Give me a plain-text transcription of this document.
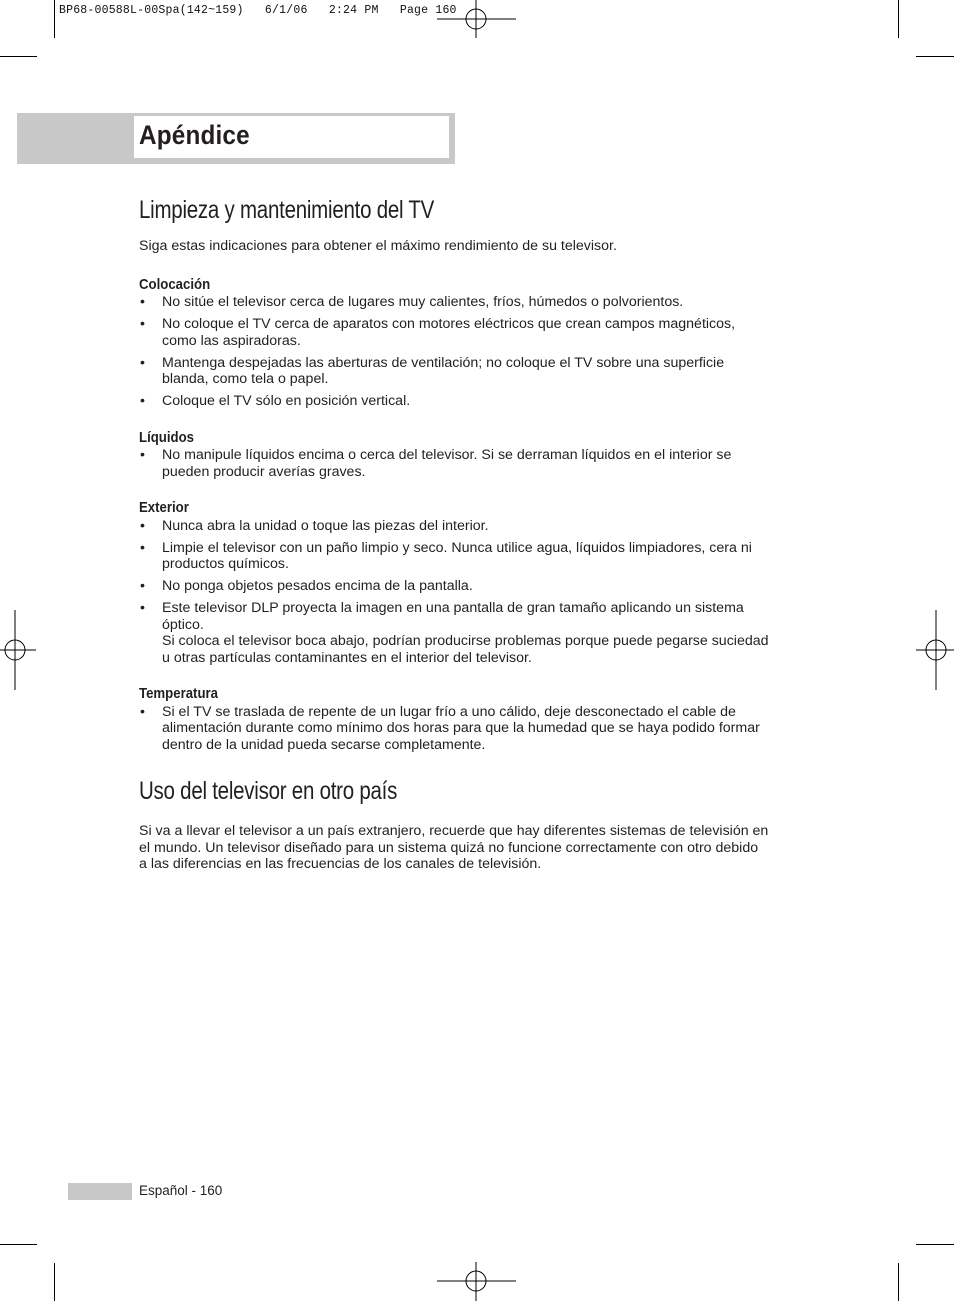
BP68-00588L-00Spa(142~159)   6/1/06   2:24 PM   Page 160
Apéndice
Limpieza y mantenimiento del TV

Siga estas indicaciones para obtener el máximo rendimiento de su televisor.

Colocación
• No sitúe el televisor cerca de lugares muy calientes, fríos, húmedos o polvorientos.
• No coloque el TV cerca de aparatos con motores eléctricos que crean campos magnéticos, como las aspiradoras.
• Mantenga despejadas las aberturas de ventilación; no coloque el TV sobre una superficie blanda, como tela o papel.
• Coloque el TV sólo en posición vertical.
Líquidos
• No manipule líquidos encima o cerca del televisor. Si se derraman líquidos en el interior se pueden producir averías graves.
Exterior
• Nunca abra la unidad o toque las piezas del interior.
• Limpie el televisor con un paño limpio y seco. Nunca utilice agua, líquidos limpiadores, cera ni productos químicos.
• No ponga objetos pesados encima de la pantalla.
• Este televisor DLP proyecta la imagen en una pantalla de gran tamaño aplicando un sistema óptico.
Si coloca el televisor boca abajo, podrían producirse problemas porque puede pegarse suciedad u otras partículas contaminantes en el interior del televisor.
Temperatura
• Si el TV se traslada de repente de un lugar frío a uno cálido, deje desconectado el cable de alimentación durante como mínimo dos horas para que la humedad que se haya podido formar dentro de la unidad pueda secarse completamente.
Uso del televisor en otro país

Si va a llevar el televisor a un país extranjero, recuerde que hay diferentes sistemas de televisión en el mundo. Un televisor diseñado para un sistema quizá no funcione correctamente con otro debido a las diferencias en las frecuencias de los canales de televisión.

Español - 160
